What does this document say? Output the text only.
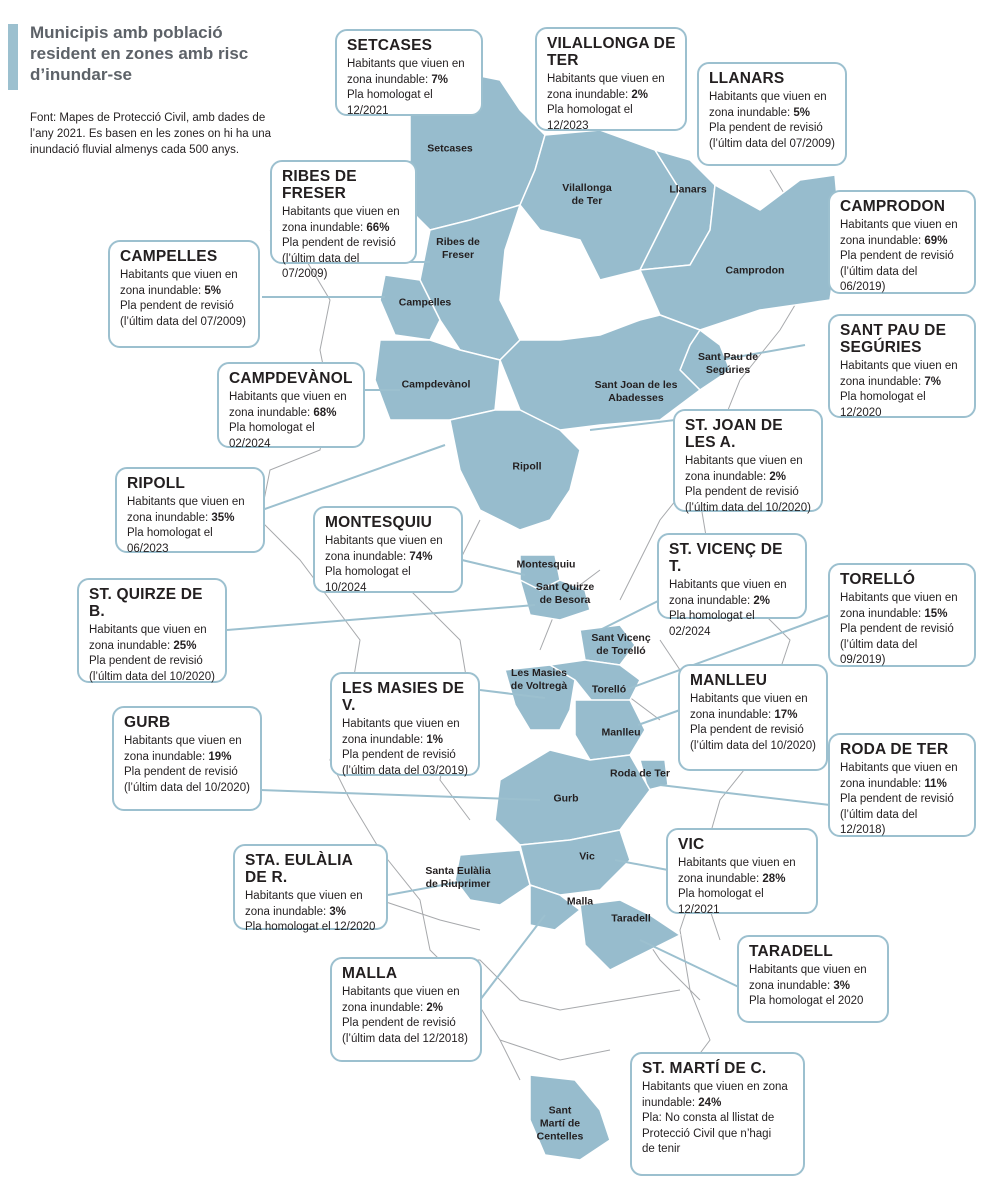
Municipis amb població resident en zones amb risc d’inundar-se
Font: Mapes de Protecció Civil, amb dades de l’any 2021. Es basen en les zones on hi ha una inundació fluvial almenys cada 500 anys.	Setcases
Vilallonga
de Ter
Llanars
Ribes de
Freser
Camprodon
Campelles
Sant Pau de
Segúries
Campdevànol	Sant Joan de les
Abadesses
Ripoll
Montesquiu
Sant Quirze
de Besora
Sant Vicenç
de Torelló
Les Masies
de Voltregà Torelló
Manlleu
Roda de Ter
Gurb
Vic
Santa Eulàlia
de Riuprimer
Malla
Taradell
Sant
Martí de
Centelles
SETCASES
Habitants que viuen en
zona inundable: 7%
Pla homologat el 12/2021
VILALLONGA DE TER
Habitants que viuen en
zona inundable: 2%
Pla homologat el 12/2023
LLANARS
Habitants que viuen en
zona inundable: 5%
Pla pendent de revisió
(l’últim data del 07/2009)
RIBES DE FRESER
Habitants que viuen en
zona inundable: 66%
Pla pendent de revisió
(l’últim data del 07/2009)
CAMPRODON
Habitants que viuen en
zona inundable: 69%
Pla pendent de revisió
(l’últim data del 06/2019)
CAMPELLES
Habitants que viuen en
zona inundable: 5%
Pla pendent de revisió
(l’últim data del 07/2009)
SANT PAU DE SEGÚRIES
Habitants que viuen en
zona inundable: 7%
Pla homologat el 12/2020
CAMPDEVÀNOL
Habitants que viuen en
zona inundable: 68%
Pla homologat el 02/2024
ST. JOAN DE LES A.
Habitants que viuen en
zona inundable: 2%
Pla pendent de revisió
(l’últim data del 10/2020)
RIPOLL
Habitants que viuen en
zona inundable: 35%
Pla homologat el 06/2023
MONTESQUIU
Habitants que viuen en
zona inundable: 74%
Pla homologat el 10/2024
ST. VICENÇ DE T.
Habitants que viuen en
zona inundable: 2%
Pla homologat el 02/2024
ST. QUIRZE DE B.
Habitants que viuen en
zona inundable: 25%
Pla pendent de revisió
(l’últim data del 10/2020)
TORELLÓ
Habitants que viuen en
zona inundable: 15%
Pla pendent de revisió
(l’últim data del 09/2019)
LES MASIES DE V.
Habitants que viuen en
zona inundable: 1%
Pla pendent de revisió
(l’últim data del 03/2019)
MANLLEU
Habitants que viuen en
zona inundable: 17%
Pla pendent de revisió
(l’últim data del 10/2020)
GURB
Habitants que viuen en
zona inundable: 19%
Pla pendent de revisió
(l’últim data del 10/2020)
RODA DE TER
Habitants que viuen en
zona inundable: 11%
Pla pendent de revisió
(l’últim data del 12/2018)
STA. EULÀLIA DE R.
Habitants que viuen en
zona inundable: 3%
Pla homologat el 12/2020
VIC
Habitants que viuen en
zona inundable: 28%
Pla homologat el 12/2021
TARADELL
Habitants que viuen en
zona inundable: 3%
Pla homologat el 2020
MALLA
Habitants que viuen en
zona inundable: 2%
Pla pendent de revisió
(l’últim data del 12/2018)
ST. MARTÍ DE C.
Habitants que viuen en zona
inundable: 24%
Pla: No consta al llistat de
Protecció Civil que n’hagi
de tenir
